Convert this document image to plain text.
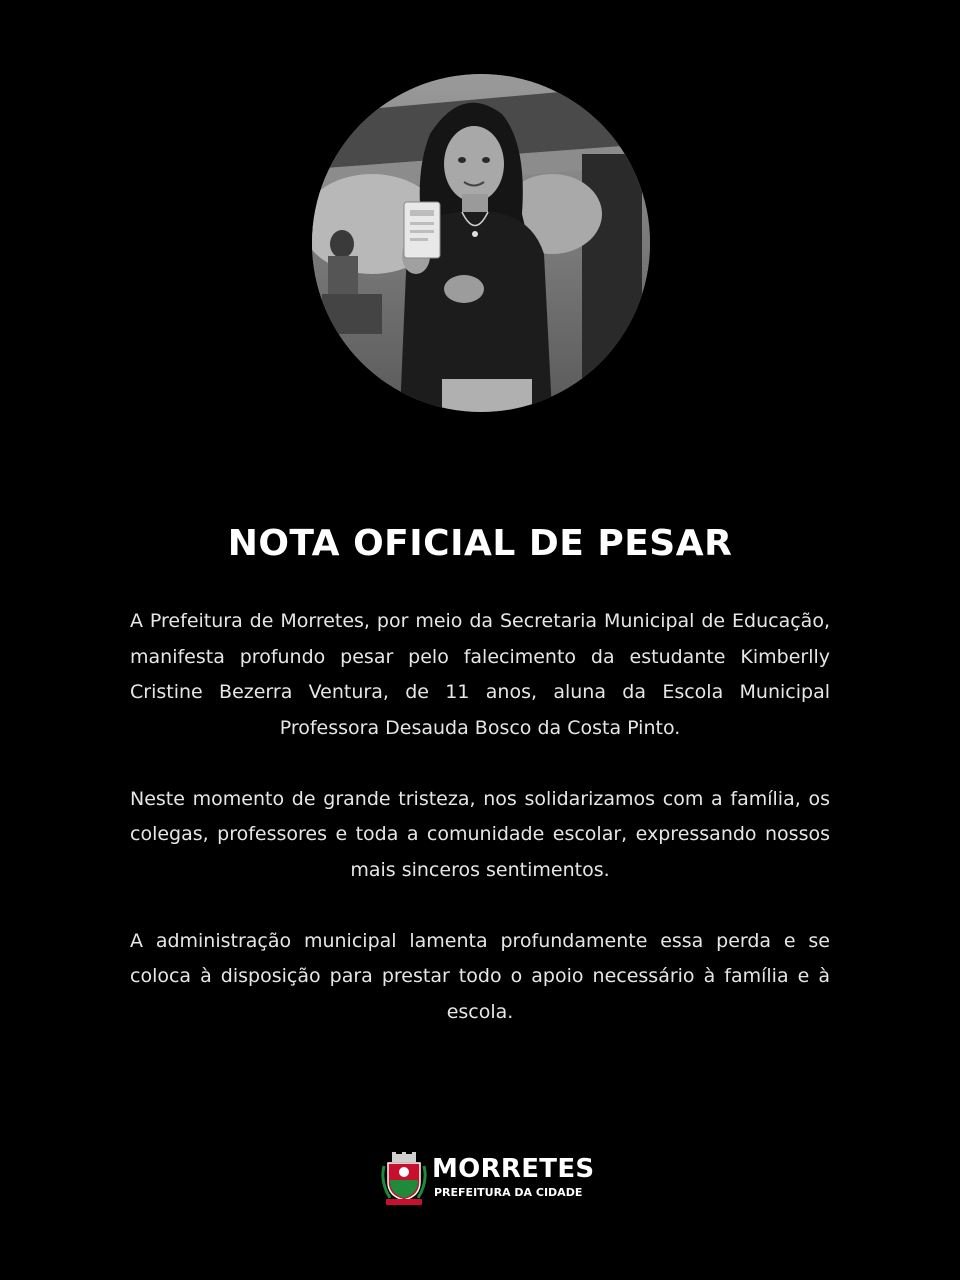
NOTA OFICIAL DE PESAR

A Prefeitura de Morretes, por meio da Secretaria Municipal de Educação, manifesta profundo pesar pelo falecimento da estudante Kimberlly Cristine Bezerra Ventura, de 11 anos, aluna da Escola Municipal Professora Desauda Bosco da Costa Pinto.

Neste momento de grande tristeza, nos solidarizamos com a família, os colegas, professores e toda a comunidade escolar, expressando nossos mais sinceros sentimentos.

A administração municipal lamenta profundamente essa perda e se coloca à disposição para prestar todo o apoio necessário à família e à escola.

MORRETES
PREFEITURA DA CIDADE
